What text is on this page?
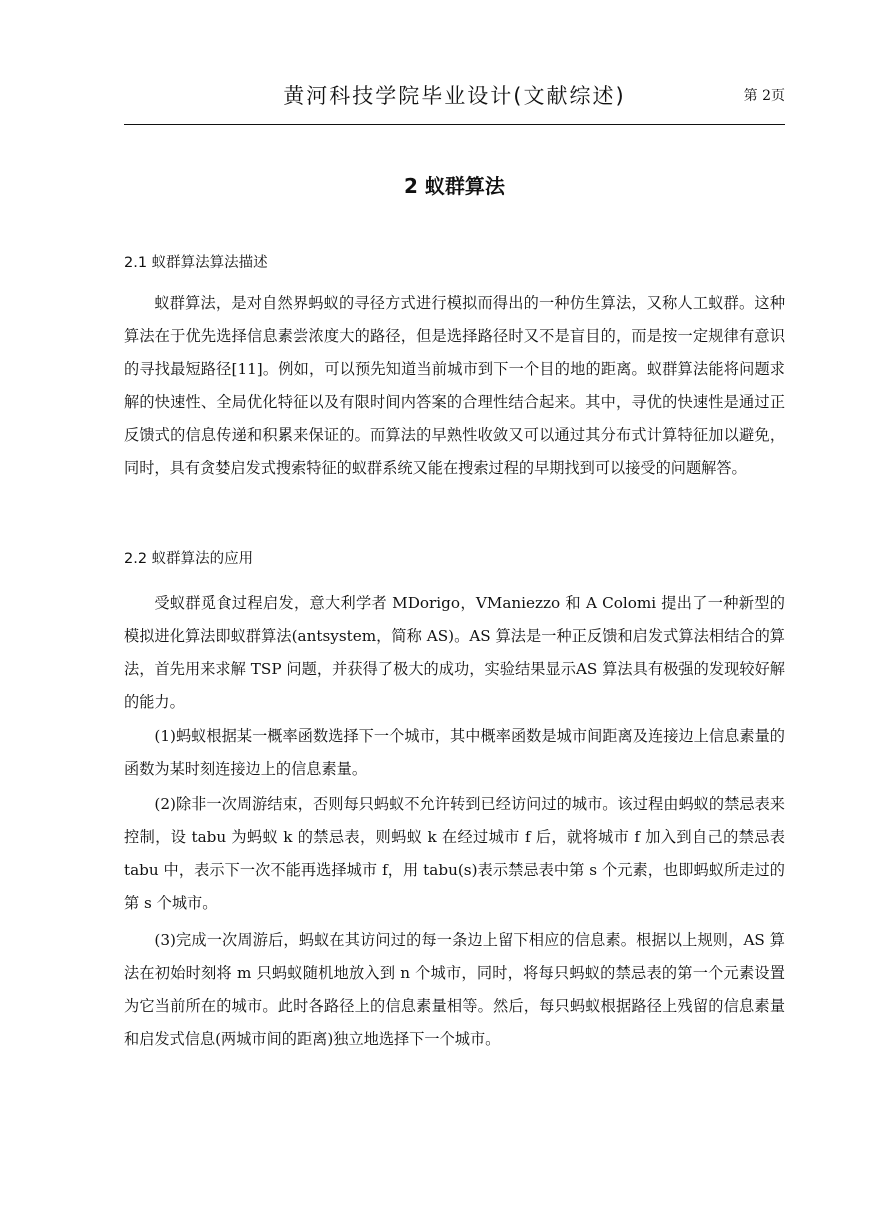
黄河科技学院毕业设计(文献综述)	第 2页
2 蚁群算法
2.1 蚁群算法算法描述

蚁群算法，是对自然界蚂蚁的寻径方式进行模拟而得出的一种仿生算法，又称人工蚁群。这种算法在于优先选择信息素尝浓度大的路径，但是选择路径时又不是盲目的，而是按一定规律有意识的寻找最短路径[11]。例如，可以预先知道当前城市到下一个目的地的距离。蚁群算法能将问题求解的快速性、全局优化特征以及有限时间内答案的合理性结合起来。其中，寻优的快速性是通过正反馈式的信息传递和积累来保证的。而算法的早熟性收敛又可以通过其分布式计算特征加以避免，同时，具有贪婪启发式搜索特征的蚁群系统又能在搜索过程的早期找到可以接受的问题解答。

2.2 蚁群算法的应用

受蚁群觅食过程启发，意大利学者 MDorigo，VManiezzo 和 A Colomi 提出了一种新型的模拟进化算法即蚁群算法(antsystem，简称 AS)。AS 算法是一种正反馈和启发式算法相结合的算法，首先用来求解 TSP 问题，并获得了极大的成功，实验结果显示AS 算法具有极强的发现较好解的能力。

(1)蚂蚁根据某一概率函数选择下一个城市，其中概率函数是城市间距离及连接边上信息素量的函数为某时刻连接边上的信息素量。

(2)除非一次周游结束，否则每只蚂蚁不允许转到已经访问过的城市。该过程由蚂蚁的禁忌表来控制，设 tabu 为蚂蚁 k 的禁忌表，则蚂蚁 k 在经过城市 f 后，就将城市 f 加入到自己的禁忌表 tabu 中，表示下一次不能再选择城市 f，用 tabu(s)表示禁忌表中第 s 个元素，也即蚂蚁所走过的第 s 个城市。

(3)完成一次周游后，蚂蚁在其访问过的每一条边上留下相应的信息素。根据以上规则，AS 算法在初始时刻将 m 只蚂蚁随机地放入到 n 个城市，同时，将每只蚂蚁的禁忌表的第一个元素设置为它当前所在的城市。此时各路径上的信息素量相等。然后，每只蚂蚁根据路径上残留的信息素量和启发式信息(两城市间的距离)独立地选择下一个城市。
